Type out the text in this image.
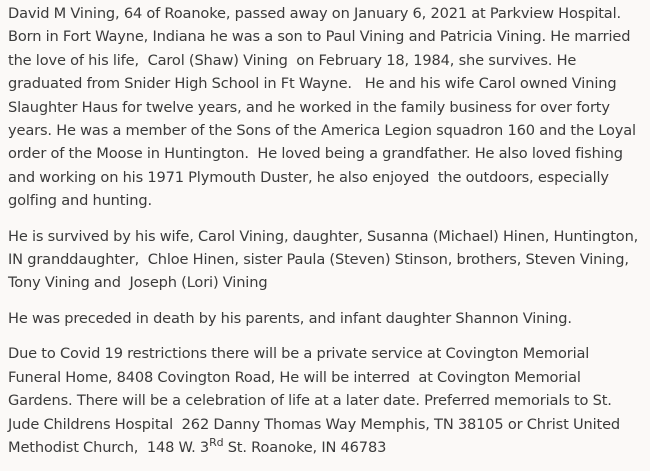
David M Vining, 64 of Roanoke, passed away on January 6, 2021 at Parkview Hospital.  Born in Fort Wayne, Indiana he was a son to Paul Vining and Patricia Vining. He married the love of his life,  Carol (Shaw) Vining  on February 18, 1984, she survives. He graduated from Snider High School in Ft Wayne.   He and his wife Carol owned Vining Slaughter Haus for twelve years, and he worked in the family business for over forty years. He was a member of the Sons of the America Legion squadron 160 and the Loyal order of the Moose in Huntington.  He loved being a grandfather. He also loved fishing and working on his 1971 Plymouth Duster, he also enjoyed  the outdoors, especially golfing and hunting.

He is survived by his wife, Carol Vining, daughter, Susanna (Michael) Hinen, Huntington, IN granddaughter,  Chloe Hinen, sister Paula (Steven) Stinson, brothers, Steven Vining, Tony Vining and  Joseph (Lori) Vining

He was preceded in death by his parents, and infant daughter Shannon Vining.

Due to Covid 19 restrictions there will be a private service at Covington Memorial Funeral Home, 8408 Covington Road, He will be interred  at Covington Memorial Gardens. There will be a celebration of life at a later date. Preferred memorials to St. Jude Childrens Hospital  262 Danny Thomas Way Memphis, TN 38105 or Christ United Methodist Church,  148 W. 3Rd St. Roanoke, IN 46783
